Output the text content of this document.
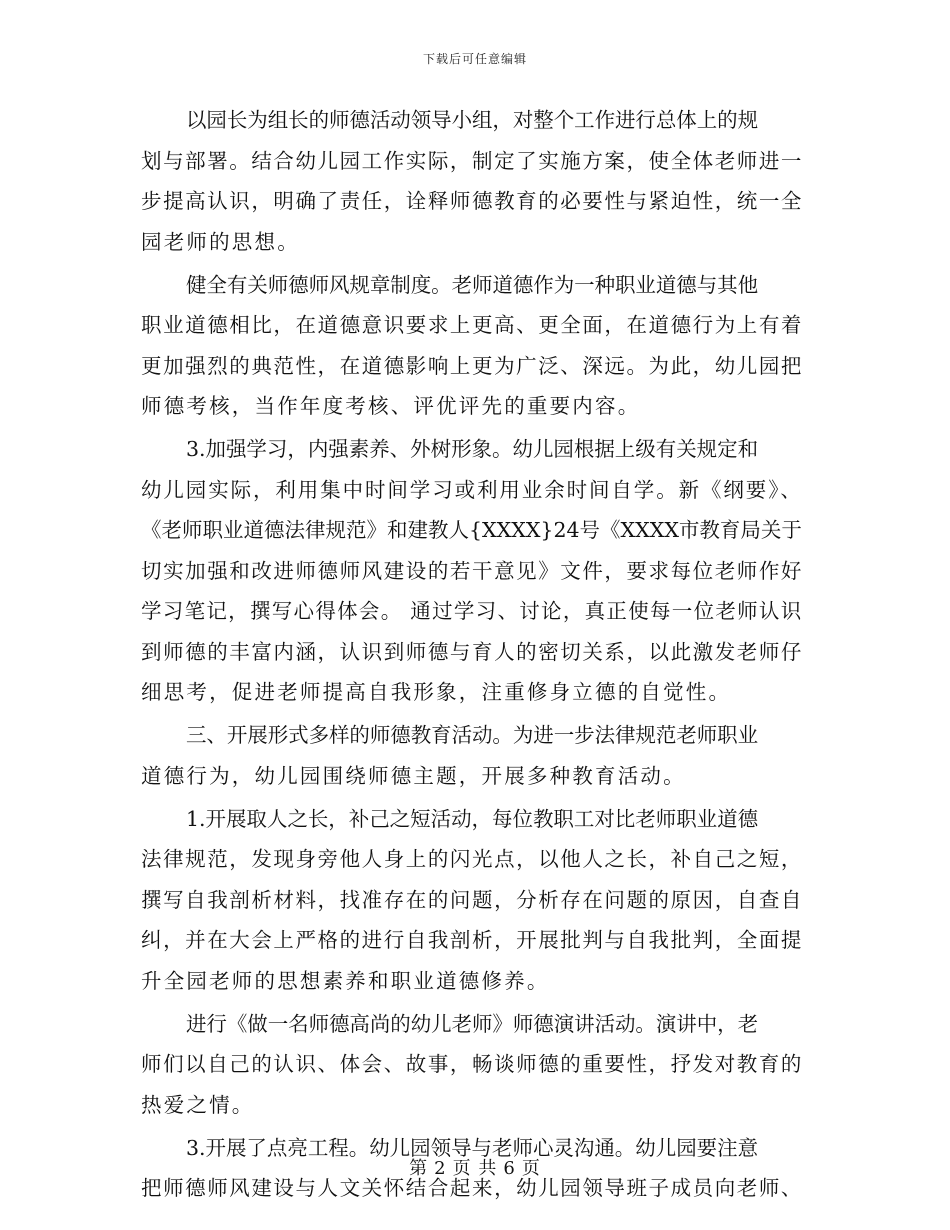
下载后可任意编辑

以园长为组长的师德活动领导小组，对整个工作进行总体上的规
划与部署。结合幼儿园工作实际，制定了实施方案，使全体老师进一
步提高认识，明确了责任，诠释师德教育的必要性与紧迫性，统一全
园老师的思想。

健全有关师德师风规章制度。老师道德作为一种职业道德与其他
职业道德相比，在道德意识要求上更高、更全面，在道德行为上有着
更加强烈的典范性，在道德影响上更为广泛、深远。为此，幼儿园把
师德考核，当作年度考核、评优评先的重要内容。

3.加强学习，内强素养、外树形象。幼儿园根据上级有关规定和
幼儿园实际，利用集中时间学习或利用业余时间自学。新《纲要》、
《老师职业道德法律规范》和建教人{XXXX}24号《XXXX市教育局关于
切实加强和改进师德师风建设的若干意见》文件，要求每位老师作好
学习笔记，撰写心得体会。 通过学习、讨论，真正使每一位老师认识
到师德的丰富内涵，认识到师德与育人的密切关系，以此激发老师仔
细思考，促进老师提高自我形象，注重修身立德的自觉性。

三、开展形式多样的师德教育活动。为进一步法律规范老师职业
道德行为，幼儿园围绕师德主题，开展多种教育活动。

1.开展取人之长，补己之短活动，每位教职工对比老师职业道德
法律规范，发现身旁他人身上的闪光点，以他人之长，补自己之短，
撰写自我剖析材料，找准存在的问题，分析存在问题的原因，自查自
纠，并在大会上严格的进行自我剖析，开展批判与自我批判，全面提
升全园老师的思想素养和职业道德修养。

进行《做一名师德高尚的幼儿老师》师德演讲活动。演讲中，老
师们以自己的认识、体会、故事，畅谈师德的重要性，抒发对教育的
热爱之情。

3.开展了点亮工程。幼儿园领导与老师心灵沟通。幼儿园要注意
把师德师风建设与人文关怀结合起来，幼儿园领导班子成员向老师、

第 2 页 共 6 页
